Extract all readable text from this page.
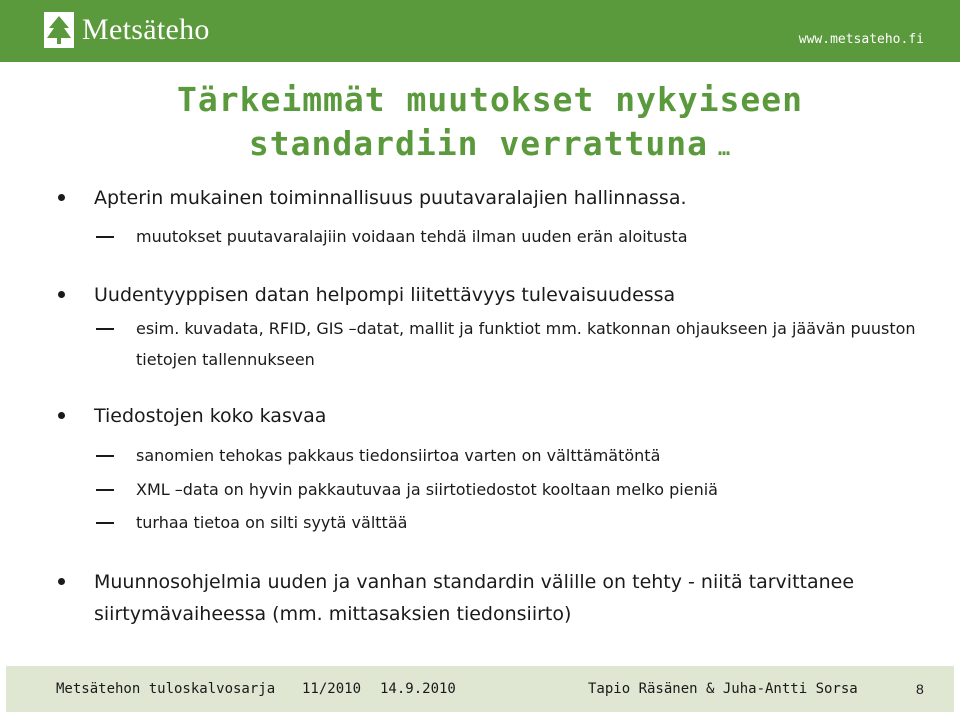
Metsäteho	www.metsateho.fi
Tärkeimmät muutokset nykyiseen
standardiin verrattuna …
Apterin mukainen toiminnallisuus puutavaralajien hallinnassa.
muutokset puutavaralajiin voidaan tehdä ilman uuden erän aloitusta
Uudentyyppisen datan helpompi liitettävyys tulevaisuudessa
esim. kuvadata, RFID, GIS –datat, mallit ja funktiot mm. katkonnan ohjaukseen ja jäävän puuston tietojen tallennukseen
Tiedostojen koko kasvaa
sanomien tehokas pakkaus tiedonsiirtoa varten on välttämätöntä
XML –data on hyvin pakkautuvaa ja siirtotiedostot kooltaan melko pieniä
turhaa tietoa on silti syytä välttää
Muunnosohjelmia uuden ja vanhan standardin välille on tehty - niitä tarvittanee siirtymävaiheessa (mm. mittasaksien tiedonsiirto)
Metsätehon tuloskalvosarja 11/2010 14.9.2010	Tapio Räsänen & Juha-Antti Sorsa	8
